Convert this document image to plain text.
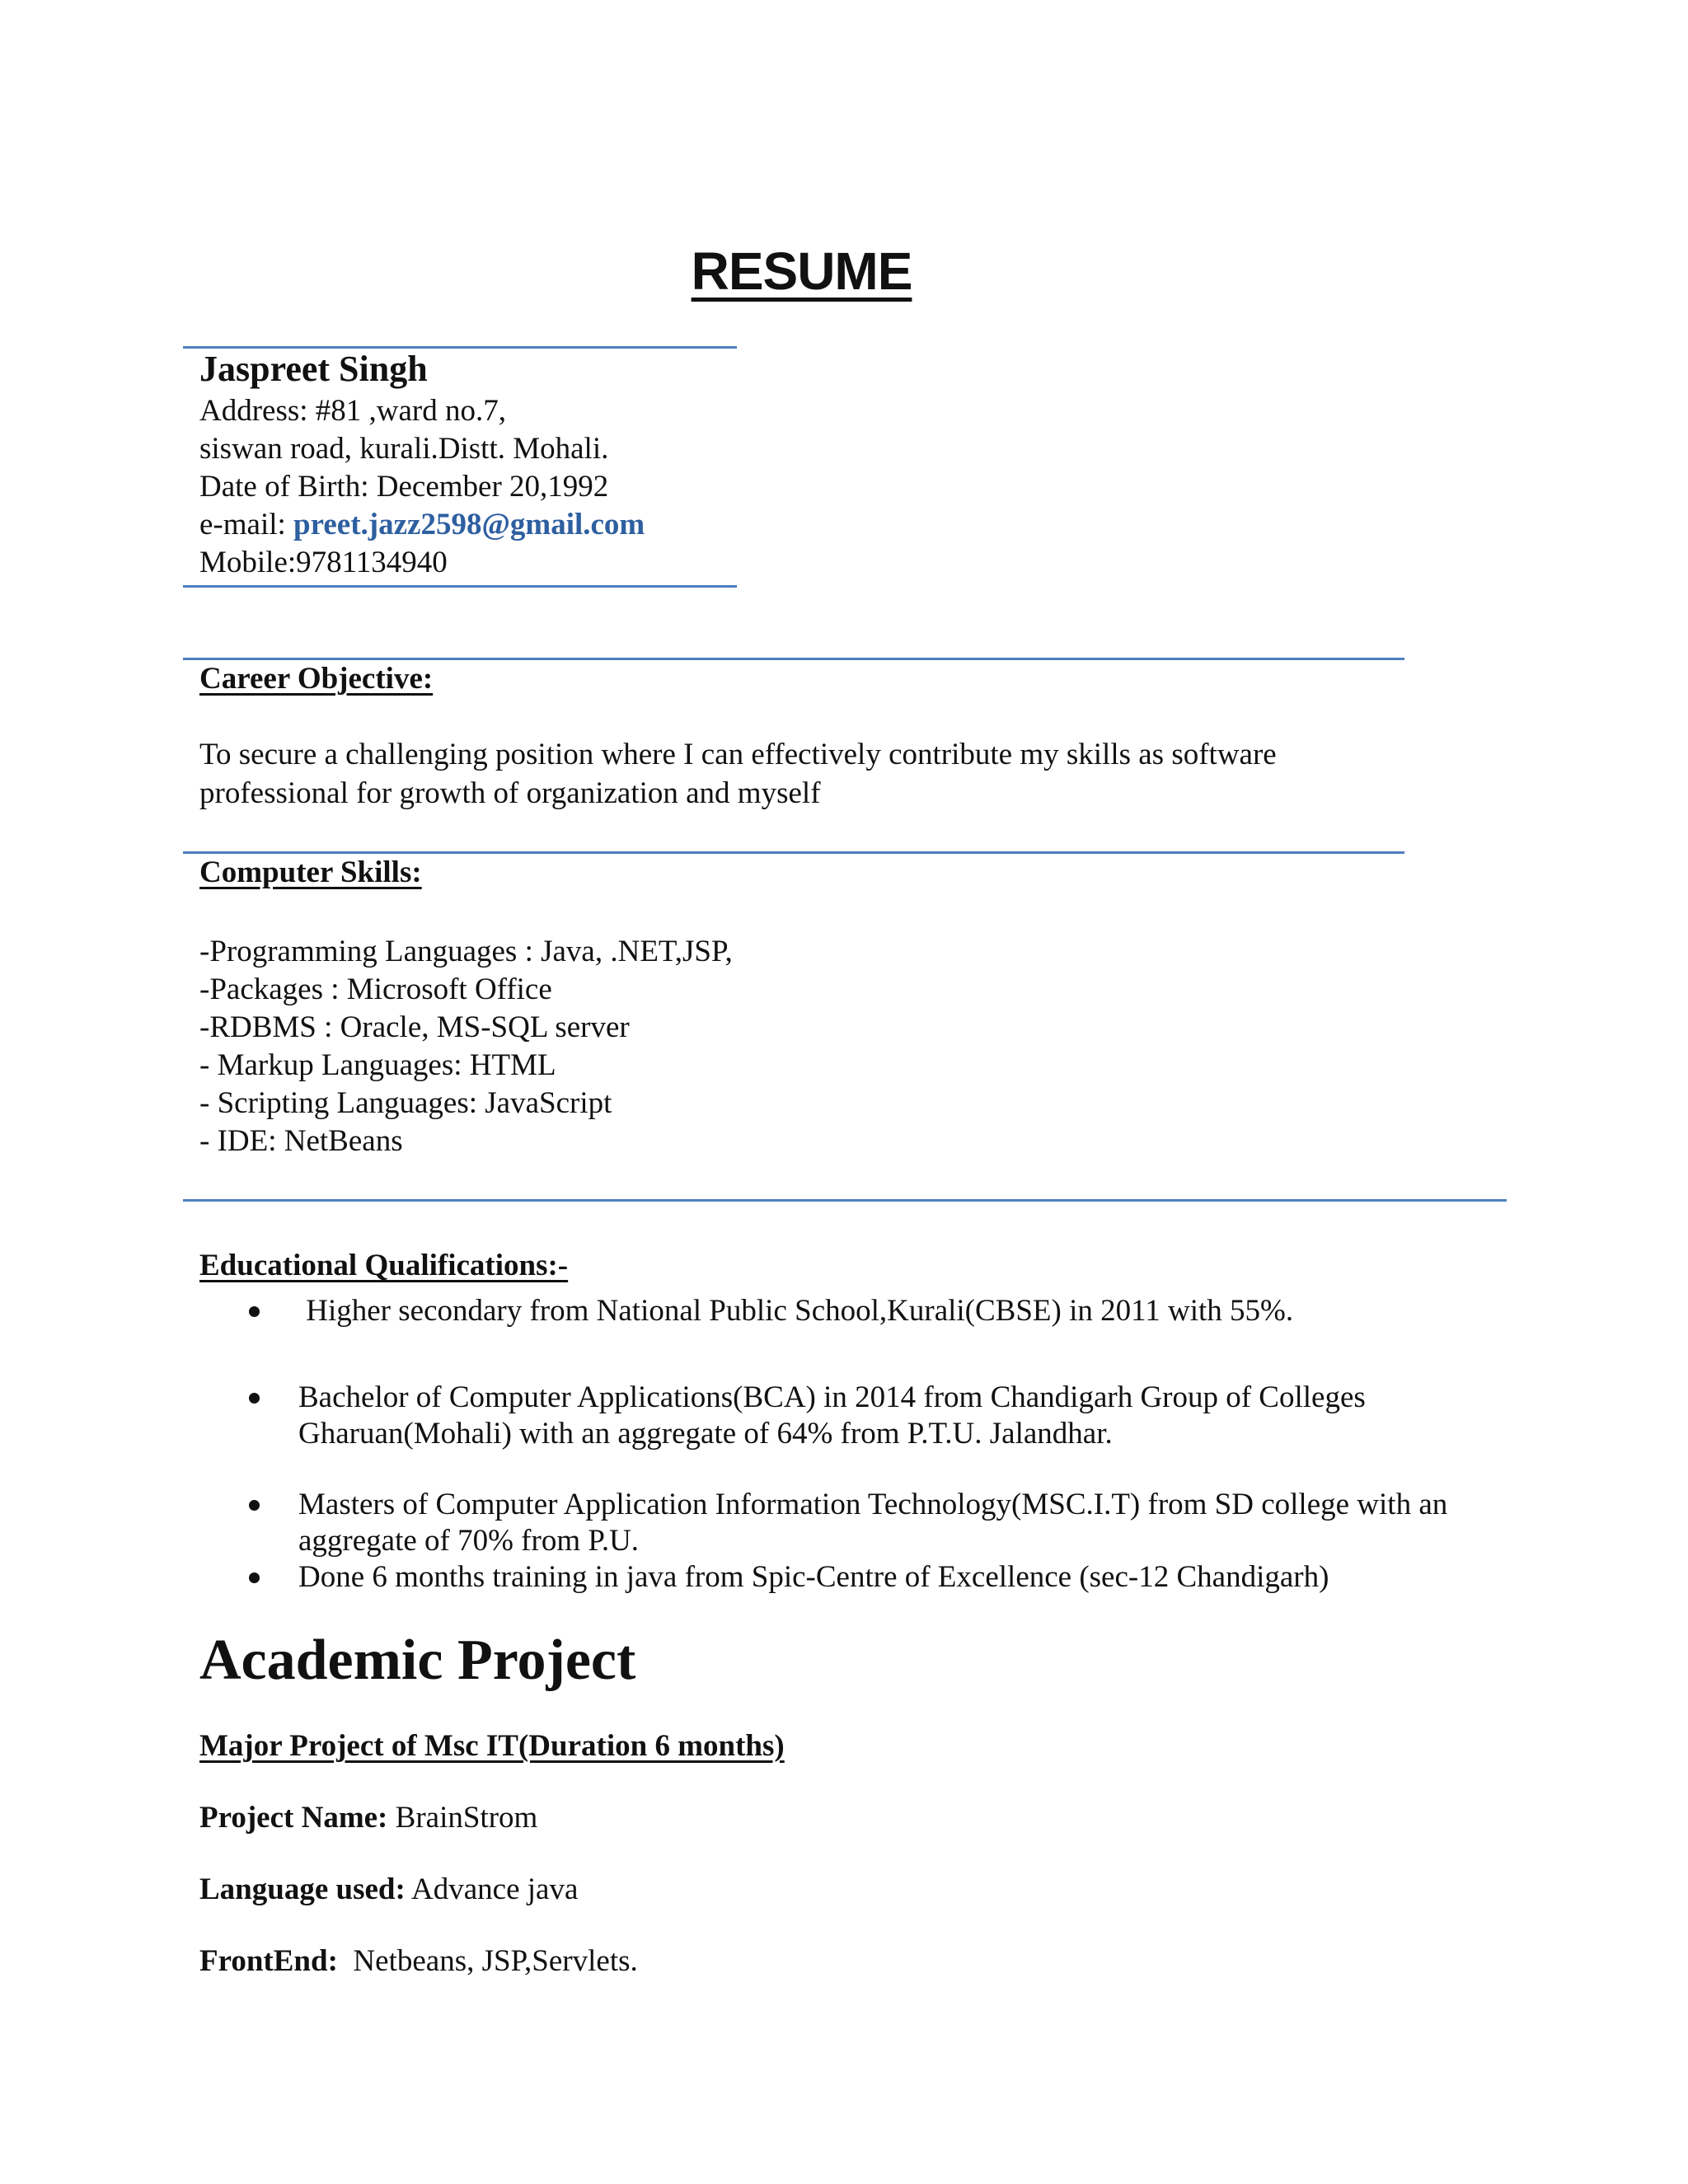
RESUME
Jaspreet Singh
Address: #81 ,ward no.7,
siswan road, kurali.Distt. Mohali.
Date of Birth: December 20,1992
e-mail: preet.jazz2598@gmail.com
Mobile:9781134940
Career Objective:
To secure a challenging position where I can effectively contribute my skills as software
professional for growth of organization and myself
Computer Skills:
-Programming Languages : Java, .NET,JSP,
-Packages : Microsoft Office
-RDBMS : Oracle, MS-SQL server
- Markup Languages: HTML
- Scripting Languages: JavaScript
- IDE: NetBeans
Educational Qualifications:-
Higher secondary from National Public School,Kurali(CBSE) in 2011 with 55%.
Bachelor of Computer Applications(BCA) in 2014 from Chandigarh Group of Colleges
Gharuan(Mohali) with an aggregate of 64% from P.T.U. Jalandhar.
Masters of Computer Application Information Technology(MSC.I.T) from SD college with an
aggregate of 70% from P.U.
Done 6 months training in java from Spic-Centre of Excellence (sec-12 Chandigarh)
Academic Project
Major Project of Msc IT(Duration 6 months)
Project Name: BrainStrom
Language used: Advance java
FrontEnd:  Netbeans, JSP,Servlets.
